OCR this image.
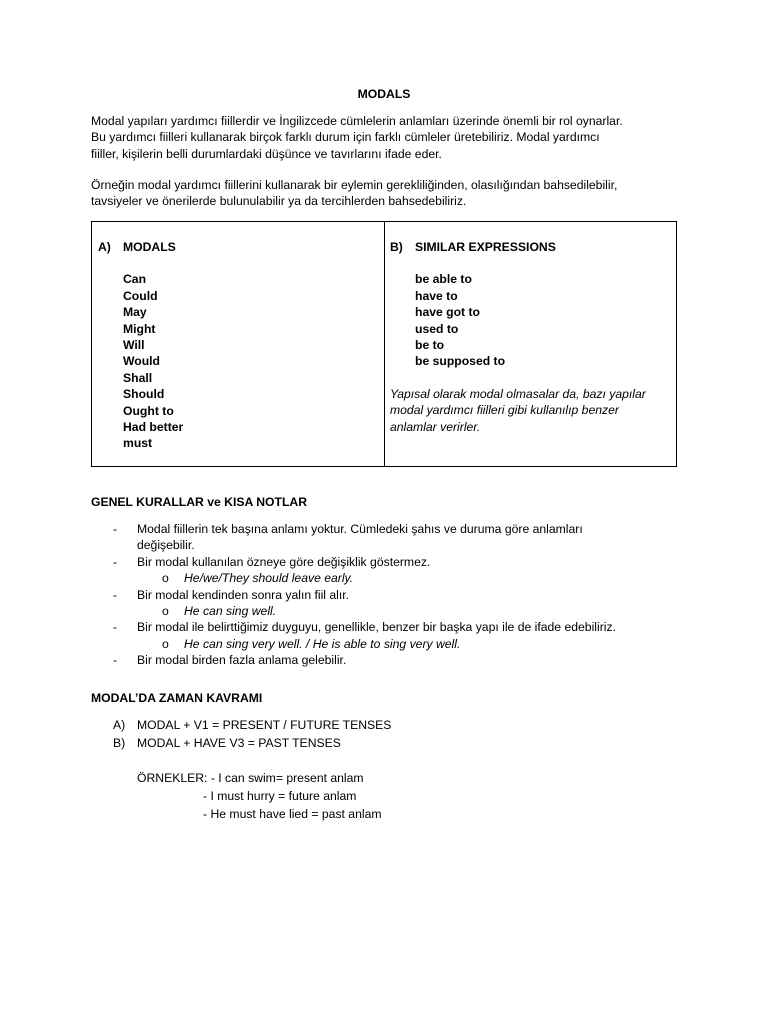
MODALS
Modal yapıları yardımcı fiillerdir ve İngilizcede cümlelerin anlamları üzerinde önemli bir rol oynarlar.
Bu yardımcı fiilleri kullanarak birçok farklı durum için farklı cümleler üretebiliriz. Modal yardımcı
fiiller, kişilerin belli durumlardaki düşünce ve tavırlarını ifade eder.
Örneğin modal yardımcı fiillerini kullanarak bir eylemin gerekliliğinden, olasılığından bahsedilebilir,
tavsiyeler ve önerilerde bulunulabilir ya da tercihlerden bahsedebiliriz.
A) MODALS
Can
Could
May
Might
Will
Would
Shall
Should
Ought to
Had better
must
B) SIMILAR EXPRESSIONS
be able to
have to
have got to
used to
be to
be supposed to
Yapısal olarak modal olmasalar da, bazı yapılar
modal yardımcı fiilleri gibi kullanılıp benzer
anlamlar verirler.
GENEL KURALLAR ve KISA NOTLAR
- Modal fiillerin tek başına anlamı yoktur. Cümledeki şahıs ve duruma göre anlamları
değişebilir.
- Bir modal kullanılan özneye göre değişiklik göstermez.
o He/we/They should leave early.
- Bir modal kendinden sonra yalın fiil alır.
o He can sing well.
- Bir modal ile belirttiğimiz duyguyu, genellikle, benzer bir başka yapı ile de ifade edebiliriz.
o He can sing very well. / He is able to sing very well.
- Bir modal birden fazla anlama gelebilir.
MODAL’DA ZAMAN KAVRAMI
A) MODAL + V1 = PRESENT / FUTURE TENSES
B) MODAL + HAVE V3 = PAST TENSES
ÖRNEKLER: - I can swim= present anlam
- I must hurry = future anlam
- He must have lied = past anlam
